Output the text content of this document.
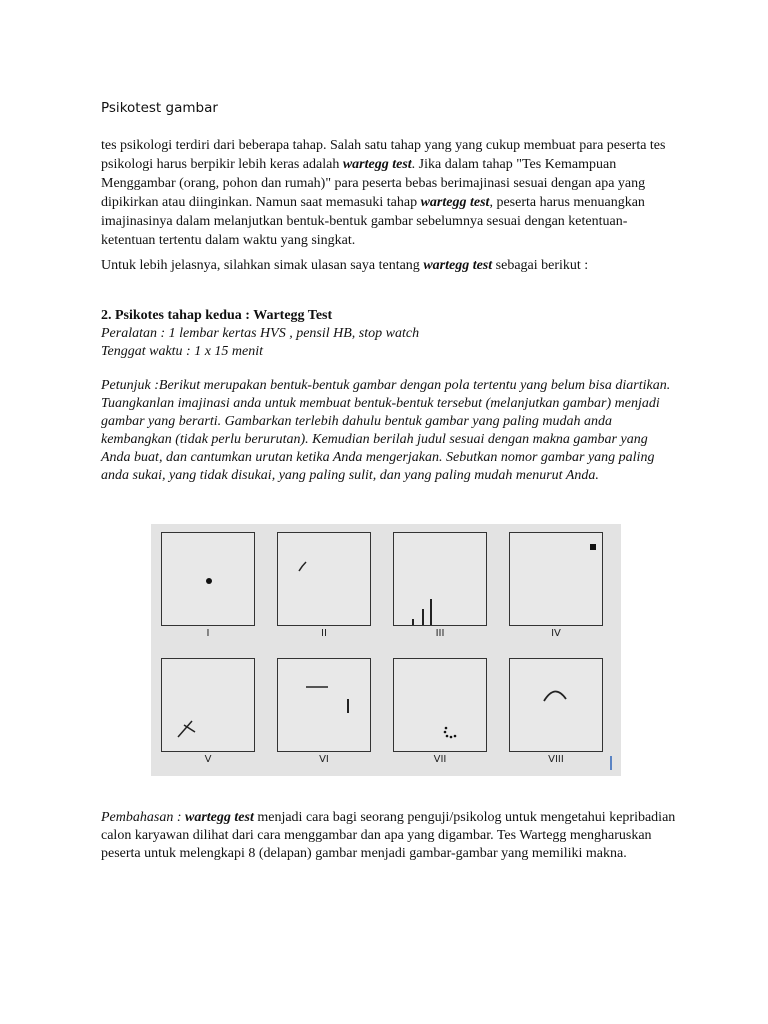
Psikotest gambar

tes psikologi terdiri dari beberapa tahap. Salah satu tahap yang yang cukup membuat para peserta tes psikologi harus berpikir lebih keras adalah wartegg test. Jika dalam tahap "Tes Kemampuan Menggambar (orang, pohon dan rumah)" para peserta bebas berimajinasi sesuai dengan apa yang dipikirkan atau diinginkan. Namun saat memasuki tahap wartegg test, peserta harus menuangkan imajinasinya dalam melanjutkan bentuk-bentuk gambar sebelumnya sesuai dengan ketentuan-ketentuan tertentu dalam waktu yang singkat.

Untuk lebih jelasnya, silahkan simak ulasan saya tentang wartegg test sebagai berikut :

2. Psikotes tahap kedua : Wartegg Test
Peralatan : 1 lembar kertas HVS , pensil HB, stop watch
Tenggat waktu : 1 x 15 menit

Petunjuk :Berikut merupakan bentuk-bentuk gambar dengan pola tertentu yang belum bisa diartikan. Tuangkanlan imajinasi anda untuk membuat bentuk-bentuk tersebut (melanjutkan gambar) menjadi gambar yang berarti. Gambarkan terlebih dahulu bentuk gambar yang paling mudah anda kembangkan (tidak perlu berurutan). Kemudian berilah judul sesuai dengan makna gambar yang Anda buat, dan cantumkan urutan ketika Anda mengerjakan. Sebutkan nomor gambar yang paling anda sukai, yang tidak disukai, yang paling sulit, dan yang paling mudah menurut Anda.

I	II	III	IV
V	VI	VII	VIII

Pembahasan : wartegg test menjadi cara bagi seorang penguji/psikolog untuk mengetahui kepribadian calon karyawan dilihat dari cara menggambar dan apa yang digambar. Tes Wartegg mengharuskan peserta untuk melengkapi 8 (delapan) gambar menjadi gambar-gambar yang memiliki makna.
